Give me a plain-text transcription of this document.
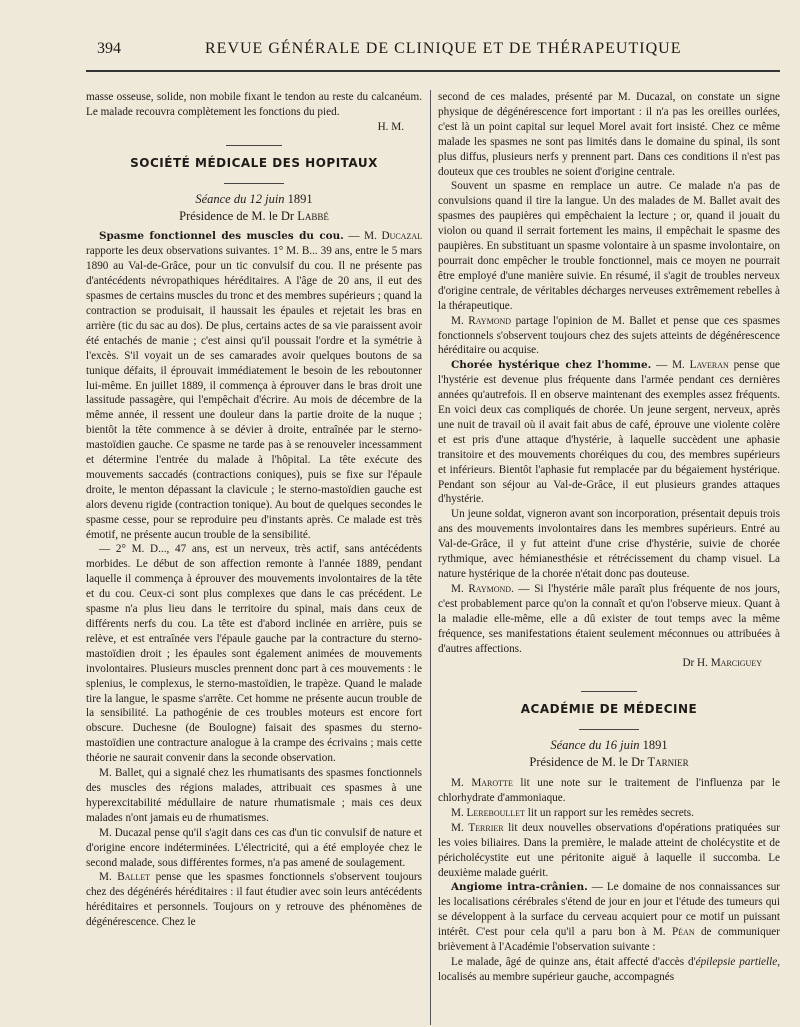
394	REVUE GÉNÉRALE DE CLINIQUE ET DE THÉRAPEUTIQUE

masse osseuse, solide, non mobile fixant le tendon au reste du calcanéum. Le malade recouvra complètement les fonctions du pied.

H. M.

SOCIÉTÉ MÉDICALE DES HOPITAUX
Séance du 12 juin 1891
Présidence de M. le Dr Labbé

Spasme fonctionnel des muscles du cou. — M. Ducazal rapporte les deux observations suivantes. 1° M. B... 39 ans, entre le 5 mars 1890 au Val-de-Grâce, pour un tic convulsif du cou. Il ne présente pas d'antécédents névropathiques héréditaires. A l'âge de 20 ans, il eut des spasmes de certains muscles du tronc et des membres supérieurs ; quand la contraction se produisait, il haussait les épaules et rejetait les bras en arrière (tic du sac au dos). De plus, certains actes de sa vie paraissent avoir été entachés de manie ; c'est ainsi qu'il poussait l'ordre et la symétrie à l'excès. S'il voyait un de ses camarades avoir quelques boutons de sa tunique défaits, il éprouvait immédiatement le besoin de les reboutonner lui-même. En juillet 1889, il commença à éprouver dans le bras droit une lassitude passagère, qui l'empêchait d'écrire. Au mois de décembre de la même année, il ressent une douleur dans la partie droite de la nuque ; bientôt la tête commence à se dévier à droite, entraînée par le sterno-mastoïdien gauche. Ce spasme ne tarde pas à se renouveler incessamment et détermine l'entrée du malade à l'hôpital. La tête exécute des mouvements saccadés (contractions coniques), puis se fixe sur l'épaule droite, le menton dépassant la clavicule ; le sterno-mastoïdien gauche est alors devenu rigide (contraction tonique). Au bout de quelques secondes le spasme cesse, pour se reproduire peu d'instants après. Ce malade est très émotif, ne présente aucun trouble de la sensibilité.

— 2° M. D..., 47 ans, est un nerveux, très actif, sans antécédents morbides. Le début de son affection remonte à l'année 1889, pendant laquelle il commença à éprouver des mouvements involontaires de la tête et du cou. Ceux-ci sont plus complexes que dans le cas précédent. Le spasme n'a plus lieu dans le territoire du spinal, mais dans ceux de différents nerfs du cou. La tête est d'abord inclinée en arrière, puis se relève, et est entraînée vers l'épaule gauche par la contracture du sterno-mastoïdien droit ; les épaules sont également animées de mouvements involontaires. Plusieurs muscles prennent donc part à ces mouvements : le splenius, le complexus, le sterno-mastoïdien, le trapèze. Quand le malade tire la langue, le spasme s'arrête. Cet homme ne présente aucun trouble de la sensibilité. La pathogénie de ces troubles moteurs est encore fort obscure. Duchesne (de Boulogne) faisait des spasmes du sterno-mastoïdien une contracture analogue à la crampe des écrivains ; mais cette théorie ne saurait convenir dans la seconde observation.

M. Ballet, qui a signalé chez les rhumatisants des spasmes fonctionnels des muscles des régions malades, attribuait ces spasmes à une hyperexcitabilité médullaire de nature rhumatismale ; mais ces deux malades n'ont jamais eu de rhumatismes.

M. Ducazal pense qu'il s'agit dans ces cas d'un tic convulsif de nature et d'origine encore indéterminées. L'électricité, qui a été employée chez le second malade, sous différentes formes, n'a pas amené de soulagement.

M. Ballet pense que les spasmes fonctionnels s'observent toujours chez des dégénérés héréditaires : il faut étudier avec soin leurs antécédents héréditaires et personnels. Toujours on y retrouve des phénomènes de dégénérescence. Chez le

second de ces malades, présenté par M. Ducazal, on constate un signe physique de dégénérescence fort important : il n'a pas les oreilles ourlées, c'est là un point capital sur lequel Morel avait fort insisté. Chez ce même malade les spasmes ne sont pas limités dans le domaine du spinal, ils sont plus diffus, plusieurs nerfs y prennent part. Dans ces conditions il n'est pas douteux que ces troubles ne soient d'origine centrale.

Souvent un spasme en remplace un autre. Ce malade n'a pas de convulsions quand il tire la langue. Un des malades de M. Ballet avait des spasmes des paupières qui empêchaient la lecture ; or, quand il jouait du violon ou quand il serrait fortement les mains, il empêchait le spasme des paupières. En substituant un spasme volontaire à un spasme involontaire, on pourrait donc empêcher le trouble fonctionnel, mais ce moyen ne pourrait être employé d'une manière suivie. En résumé, il s'agit de troubles nerveux d'origine centrale, de véritables décharges nerveuses extrêmement rebelles à la thérapeutique.

M. Raymond partage l'opinion de M. Ballet et pense que ces spasmes fonctionnels s'observent toujours chez des sujets atteints de dégénérescence héréditaire ou acquise.

Chorée hystérique chez l'homme. — M. Laveran pense que l'hystérie est devenue plus fréquente dans l'armée pendant ces dernières années qu'autrefois. Il en observe maintenant des exemples assez fréquents. En voici deux cas compliqués de chorée. Un jeune sergent, nerveux, après une nuit de travail où il avait fait abus de café, éprouve une violente colère et est pris d'une attaque d'hystérie, à laquelle succèdent une aphasie transitoire et des mouvements choréiques du cou, des membres supérieurs et inférieurs. Bientôt l'aphasie fut remplacée par du bégaiement hystérique. Pendant son séjour au Val-de-Grâce, il eut plusieurs grandes attaques d'hystérie.

Un jeune soldat, vigneron avant son incorporation, présentait depuis trois ans des mouvements involontaires dans les membres supérieurs. Entré au Val-de-Grâce, il y fut atteint d'une crise d'hystérie, suivie de chorée rythmique, avec hémianesthésie et rétrécissement du champ visuel. La nature hystérique de la chorée n'était donc pas douteuse.

M. Raymond. — Si l'hystérie mâle paraît plus fréquente de nos jours, c'est probablement parce qu'on la connaît et qu'on l'observe mieux. Quant à la maladie elle-même, elle a dû exister de tout temps avec la même fréquence, ses manifestations étaient seulement méconnues ou attribuées à d'autres affections.

Dr H. Marciguey

ACADÉMIE DE MÉDECINE
Séance du 16 juin 1891
Présidence de M. le Dr Tarnier

M. Marotte lit une note sur le traitement de l'influenza par le chlorhydrate d'ammoniaque.

M. Lereboullet lit un rapport sur les remèdes secrets.

M. Terrier lit deux nouvelles observations d'opérations pratiquées sur les voies biliaires. Dans la première, le malade atteint de cholécystite et de péricholécystite eut une péritonite aiguë à laquelle il succomba. Le deuxième malade guérit.

Angiome intra-crânien. — Le domaine de nos connaissances sur les localisations cérébrales s'étend de jour en jour et l'étude des tumeurs qui se développent à la surface du cerveau acquiert pour ce motif un puissant intérêt. C'est pour cela qu'il a paru bon à M. Péan de communiquer brièvement à l'Académie l'observation suivante :

Le malade, âgé de quinze ans, était affecté d'accès d'épilepsie partielle, localisés au membre supérieur gauche, accompagnés
